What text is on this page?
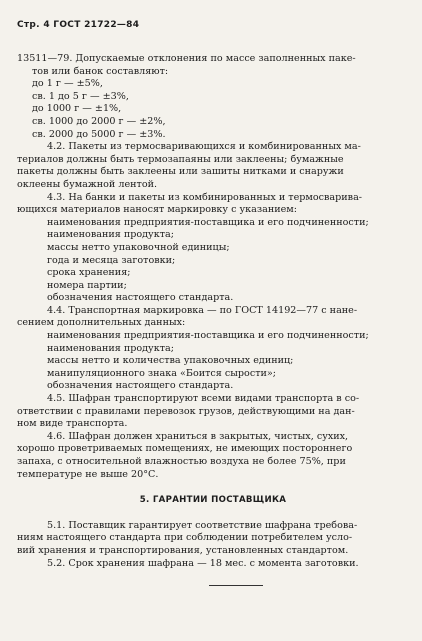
Стр. 4 ГОСТ 21722—84
13511—79. Допускаемые отклонения по массе заполненных паке-
тов или банок составляют:
до 1 г — ±5%,
св. 1 до 5 г — ±3%,
до 1000 г — ±1%,
св. 1000 до 2000 г — ±2%,
св. 2000 до 5000 г — ±3%.
4.2. Пакеты из термосваривающихся и комбинированных ма-
териалов должны быть термозапаяны или заклеены; бумажные
пакеты должны быть заклеены или зашиты нитками и снаружи
оклеены бумажной лентой.
4.3. На банки и пакеты из комбинированных и термосварива-
ющихся материалов наносят маркировку с указанием:
наименования предприятия-поставщика и его подчиненности;
наименования продукта;
массы нетто упаковочной единицы;
года и месяца заготовки;
срока хранения;
номера партии;
обозначения настоящего стандарта.
4.4. Транспортная маркировка — по ГОСТ 14192—77 с нане-
сением дополнительных данных:
наименования предприятия-поставщика и его подчиненности;
наименования продукта;
массы нетто и количества упаковочных единиц;
манипуляционного знака «Боится сырости»;
обозначения настоящего стандарта.
4.5. Шафран транспортируют всеми видами транспорта в со-
ответствии с правилами перевозок грузов, действующими на дан-
ном виде транспорта.
4.6. Шафран должен храниться в закрытых, чистых, сухих,
хорошо проветриваемых помещениях, не имеющих постороннего
запаха, с относительной влажностью воздуха не более 75%, при
температуре не выше 20°С.
5. ГАРАНТИИ ПОСТАВЩИКА
5.1. Поставщик гарантирует соответствие шафрана требова-
ниям настоящего стандарта при соблюдении потребителем усло-
вий хранения и транспортирования, установленных стандартом.
5.2. Срок хранения шафрана — 18 мес. с момента заготовки.
